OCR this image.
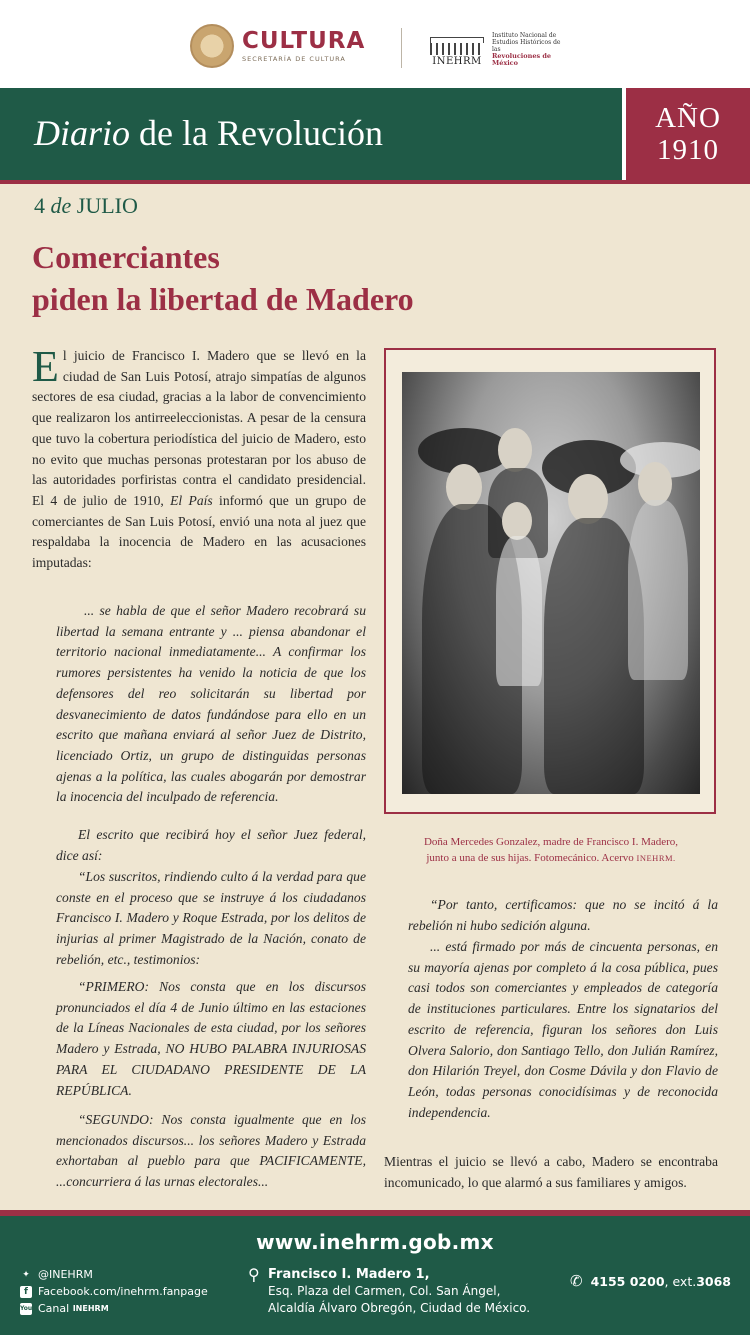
CULTURA
SECRETARÍA DE CULTURA	INEHRM
Instituto Nacional de
Estudios Históricos de las
Revoluciones de México
Diario de la Revolución	AÑO
1910
4 de JULIO
Comerciantes
piden la libertad de Madero
El juicio de Francisco I. Madero que se llevó en la ciudad de San Luis Potosí, atrajo simpatías de algunos sectores de esa ciudad, gracias a la labor de convencimiento que realizaron los antirreeleccionistas. A pesar de la censura que tuvo la cobertura periodística del juicio de Madero, esto no evito que muchas personas protestaran por los abuso de las autoridades porfiristas contra el candidato presidencial. El 4 de julio de 1910, El País informó que un grupo de comerciantes de San Luis Potosí, envió una nota al juez que respaldaba la inocencia de Madero en las acusaciones imputadas:
... se habla de que el señor Madero recobrará su libertad la semana entrante y ... piensa abandonar el territorio nacional inmediatamente... A confirmar los rumores persistentes ha venido la noticia de que los defensores del reo solicitarán su libertad por desvanecimiento de datos fundándose para ello en un escrito que mañana enviará al señor Juez de Distrito, licenciado Ortiz, un grupo de distinguidas personas ajenas a la política, las cuales abogarán por demostrar la inocencia del inculpado de referencia.
El escrito que recibirá hoy el señor Juez federal, dice así:
“Los suscritos, rindiendo culto á la verdad para que conste en el proceso que se instruye á los ciudadanos Francisco I. Madero y Roque Estrada, por los delitos de injurias al primer Magistrado de la Nación, conato de rebelión, etc., testimonios:
“PRIMERO: Nos consta que en los discursos pronunciados el día 4 de Junio último en las estaciones de la Líneas Nacionales de esta ciudad, por los señores Madero y Estrada, NO HUBO PALABRA INJURIOSAS PARA EL CIUDADANO PRESIDENTE DE LA REPÚBLICA.
“SEGUNDO: Nos consta igualmente que en los mencionados discursos... los señores Madero y Estrada exhortaban al pueblo para que PACIFICAMENTE, ...concurriera á las urnas electorales...
Doña Mercedes Gonzalez, madre de Francisco I. Madero,
junto a una de sus hijas. Fotomecánico. Acervo INEHRM.
“Por tanto, certificamos: que no se incitó á la rebelión ni hubo sedición alguna.
... está firmado por más de cincuenta personas, en su mayoría ajenas por completo á la cosa pública, pues casi todos son comerciantes y empleados de categoría de instituciones particulares. Entre los signatarios del escrito de referencia, figuran los señores don Luis Olvera Salorio, don Santiago Tello, don Julián Ramírez, don Hilarión Treyel, don Cosme Dávila y don Flavio de León, todas personas conocidísimas y de reconocida independencia.
Mientras el juicio se llevó a cabo, Madero se encontraba incomunicado, lo que alarmó a sus familiares y amigos.
www.inehrm.gob.mx
✦ @INEHRM
f Facebook.com/inehrm.fanpage
You Canal
INEHRM
⚲ Francisco I. Madero 1,
Esq. Plaza del Carmen, Col. San Ángel,
Alcaldía Álvaro Obregón, Ciudad de México.
✆ 4155 0200 , ext. 3068
